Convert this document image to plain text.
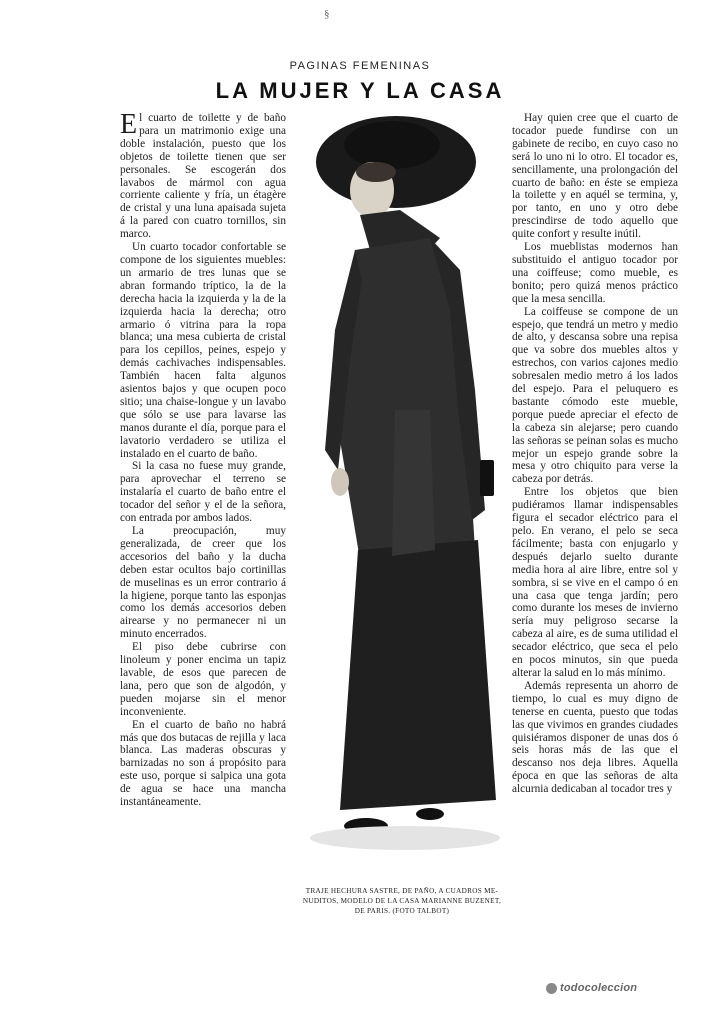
§
PAGINAS FEMENINAS
LA MUJER Y LA CASA

El cuarto de toilette y de baño para un matrimonio exige una doble instalación, puesto que los objetos de toilette tienen que ser personales. Se escogerán dos lavabos de mármol con agua corriente caliente y fría, un étagère de cristal y una luna apaisada sujeta á la pared con cuatro tornillos, sin marco.

Un cuarto tocador confortable se compone de los siguientes muebles: un armario de tres lunas que se abran formando tríptico, la de la derecha hacia la izquierda y la de la izquierda hacia la derecha; otro armario ó vitrina para la ropa blanca; una mesa cubierta de cristal para los cepillos, peines, espejo y demás cachivaches indispensables. También hacen falta algunos asientos bajos y que ocupen poco sitio; una chaise-longue y un lavabo que sólo se use para lavarse las manos durante el día, porque para el lavatorio verdadero se utiliza el instalado en el cuarto de baño.

Si la casa no fuese muy grande, para aprovechar el terreno se instalaría el cuarto de baño entre el tocador del señor y el de la señora, con entrada por ambos lados.

La preocupación, muy generalizada, de creer que los accesorios del baño y la ducha deben estar ocultos bajo cortinillas de muselinas es un error contrario á la higiene, porque tanto las esponjas como los demás accesorios deben airearse y no permanecer ni un minuto encerrados.

El piso debe cubrirse con linoleum y poner encima un tapiz lavable, de esos que parecen de lana, pero que son de algodón, y pueden mojarse sin el menor inconveniente.

En el cuarto de baño no habrá más que dos butacas de rejilla y laca blanca. Las maderas obscuras y barnizadas no son á propósito para este uso, porque si salpica una gota de agua se hace una mancha instantáneamente.

TRAJE HECHURA SASTRE, DE PAÑO, A CUADROS ME-
NUDITOS, MODELO DE LA CASA MARIANNE BUZENET,
DE PARIS. (FOTO TALBOT)

Hay quien cree que el cuarto de tocador puede fundirse con un gabinete de recibo, en cuyo caso no será lo uno ni lo otro. El tocador es, sencillamente, una prolongación del cuarto de baño: en éste se empieza la toilette y en aquél se termina, y, por tanto, en uno y otro debe prescindirse de todo aquello que quite confort y resulte inútil.

Los mueblistas modernos han substituido el antiguo tocador por una coiffeuse; como mueble, es bonito; pero quizá menos práctico que la mesa sencilla.

La coiffeuse se compone de un espejo, que tendrá un metro y medio de alto, y descansa sobre una repisa que va sobre dos muebles altos y estrechos, con varios cajones medio sobresalen medio metro á los lados del espejo. Para el peluquero es bastante cómodo este mueble, porque puede apreciar el efecto de la cabeza sin alejarse; pero cuando las señoras se peinan solas es mucho mejor un espejo grande sobre la mesa y otro chiquito para verse la cabeza por detrás.

Entre los objetos que bien pudiéramos llamar indispensables figura el secador eléctrico para el pelo. En verano, el pelo se seca fácilmente; basta con enjugarlo y después dejarlo suelto durante media hora al aire libre, entre sol y sombra, si se vive en el campo ó en una casa que tenga jardín; pero como durante los meses de invierno sería muy peligroso secarse la cabeza al aire, es de suma utilidad el secador eléctrico, que seca el pelo en pocos minutos, sin que pueda alterar la salud en lo más mínimo.

Además representa un ahorro de tiempo, lo cual es muy digno de tenerse en cuenta, puesto que todas las que vivimos en grandes ciudades quisiéramos disponer de unas dos ó seis horas más de las que el descanso nos deja libres. Aquella época en que las señoras de alta alcurnia dedicaban al tocador tres y

todocoleccion
